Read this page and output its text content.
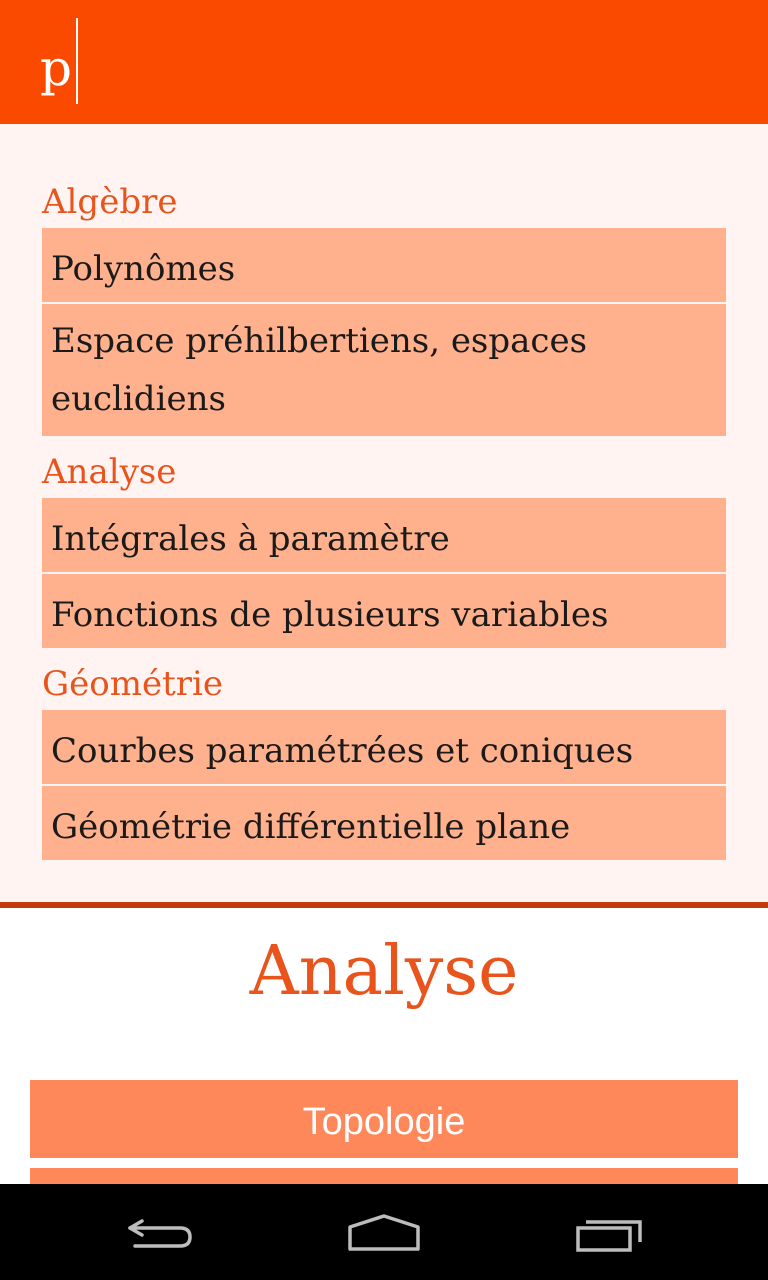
p
Algèbre
Polynômes
Espace préhilbertiens, espaces euclidiens
Analyse
Intégrales à paramètre
Fonctions de plusieurs variables
Géométrie
Courbes paramétrées et coniques
Géométrie différentielle plane
Analyse
Topologie
